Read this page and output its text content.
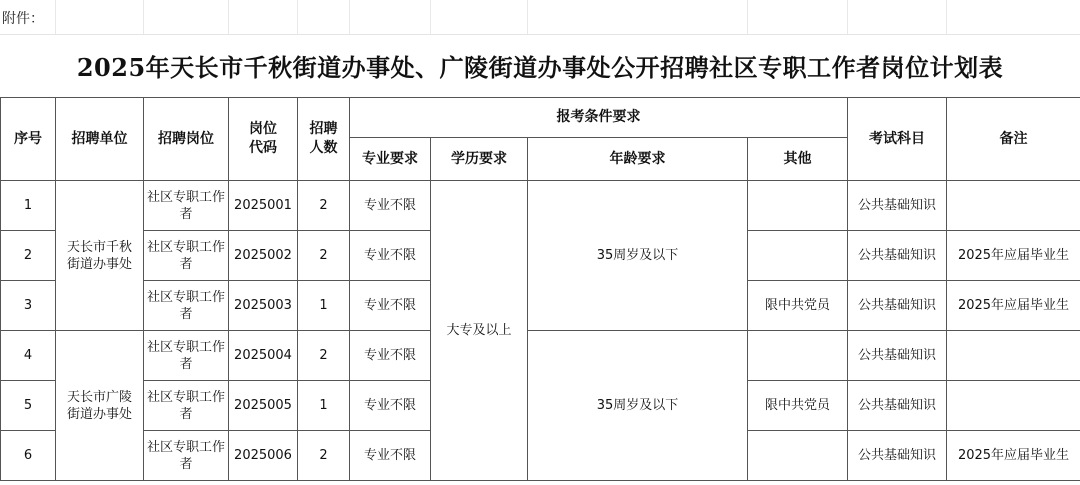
附件：
2025年天长市千秋街道办事处、广陵街道办事处公开招聘社区专职工作者岗位计划表
序号	招聘单位	招聘岗位	岗位代码	招聘人数	报考条件要求				考试科目	备注
					专业要求	学历要求	年龄要求	其他		
1	天长市千秋街道办事处	社区专职工作者	2025001	2	专业不限	大专及以上	35周岁及以下		公共基础知识	
2		社区专职工作者	2025002	2	专业不限				公共基础知识	2025年应届毕业生
3		社区专职工作者	2025003	1	专业不限			限中共党员	公共基础知识	2025年应届毕业生
4	天长市广陵街道办事处	社区专职工作者	2025004	2	专业不限		35周岁及以下		公共基础知识	
5		社区专职工作者	2025005	1	专业不限			限中共党员	公共基础知识	
6		社区专职工作者	2025006	2	专业不限				公共基础知识	2025年应届毕业生
